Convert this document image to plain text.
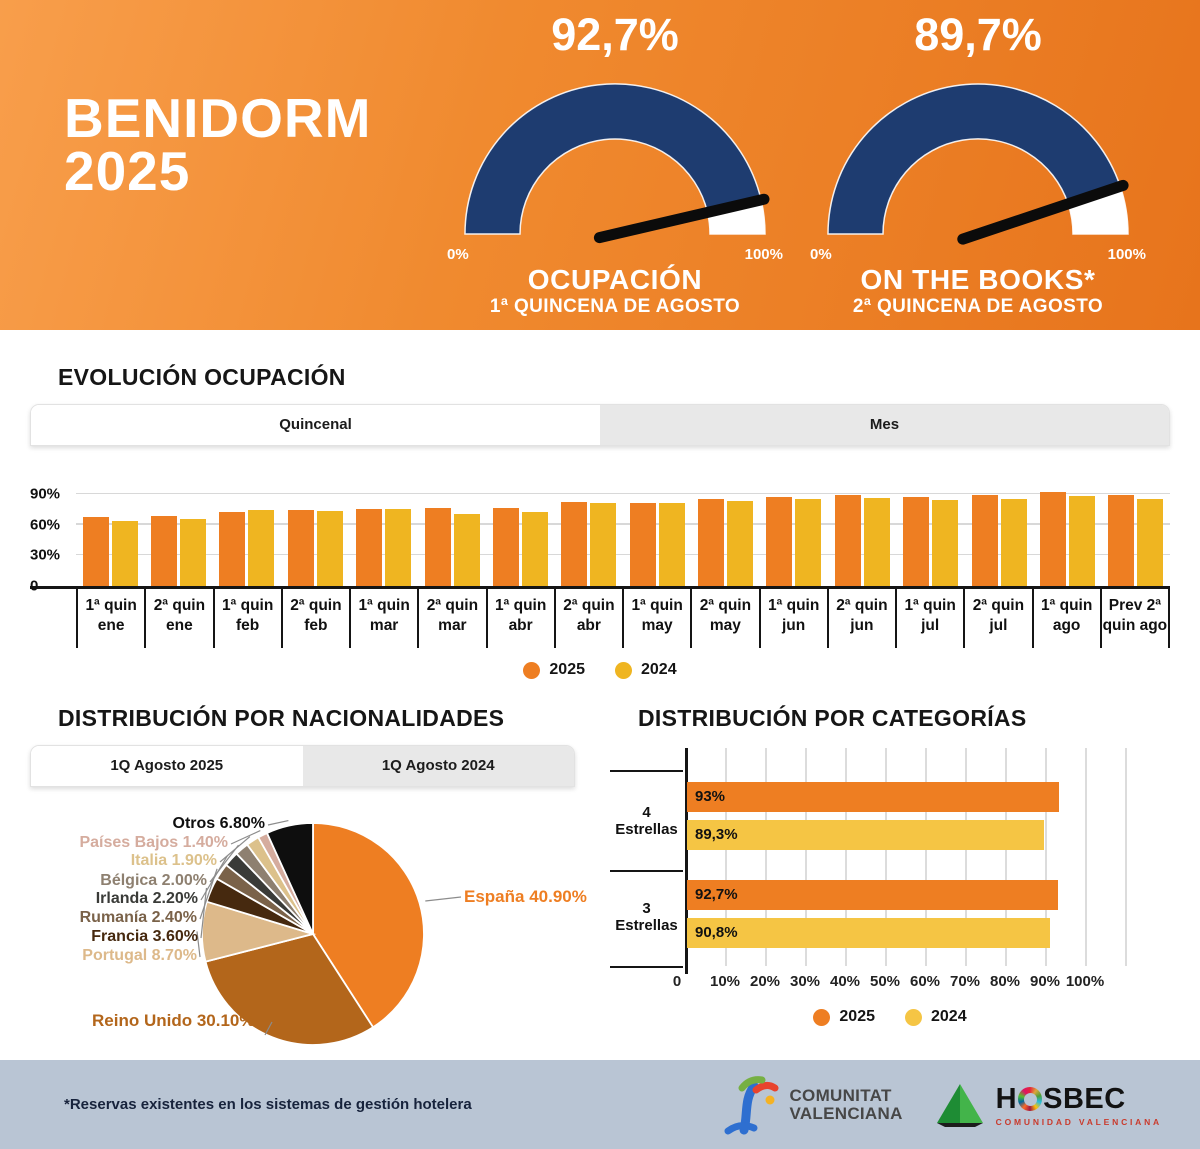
BENIDORM
2025
92,7%
0%	100%
OCUPACIÓN
1ª QUINCENA DE AGOSTO
89,7%
0%	100%
ON THE BOOKS*
2ª QUINCENA DE AGOSTO
EVOLUCIÓN OCUPACIÓN
Quincenal	Mes
0
30%
60%
90%
1ª quin
ene
2ª quin
ene
1ª quin
feb
2ª quin
feb
1ª quin
mar
2ª quin
mar
1ª quin
abr
2ª quin
abr
1ª quin
may
2ª quin
may
1ª quin
jun
2ª quin
jun
1ª quin
jul
2ª quin
jul
1ª quin
ago
Prev 2ª
quin ago
2025	2024
DISTRIBUCIÓN POR NACIONALIDADES
1Q Agosto 2025	1Q Agosto 2024
Otros 6.80%
Países Bajos 1.40%
Italia 1.90%
Bélgica 2.00%
Irlanda 2.20%
Rumanía 2.40%
Francia 3.60%
Portugal 8.70%
España 40.90%
Reino Unido 30.10%
DISTRIBUCIÓN POR CATEGORÍAS
4 Estrellas
93%
89,3%
3 Estrellas
92,7%
90,8%
0 10% 20% 30% 40% 50% 60% 70% 80% 90% 100%
2025	2024
*Reservas existentes en los sistemas de gestión hotelera	COMUNITAT
VALENCIANA	H SBEC
COMUNIDAD VALENCIANA
